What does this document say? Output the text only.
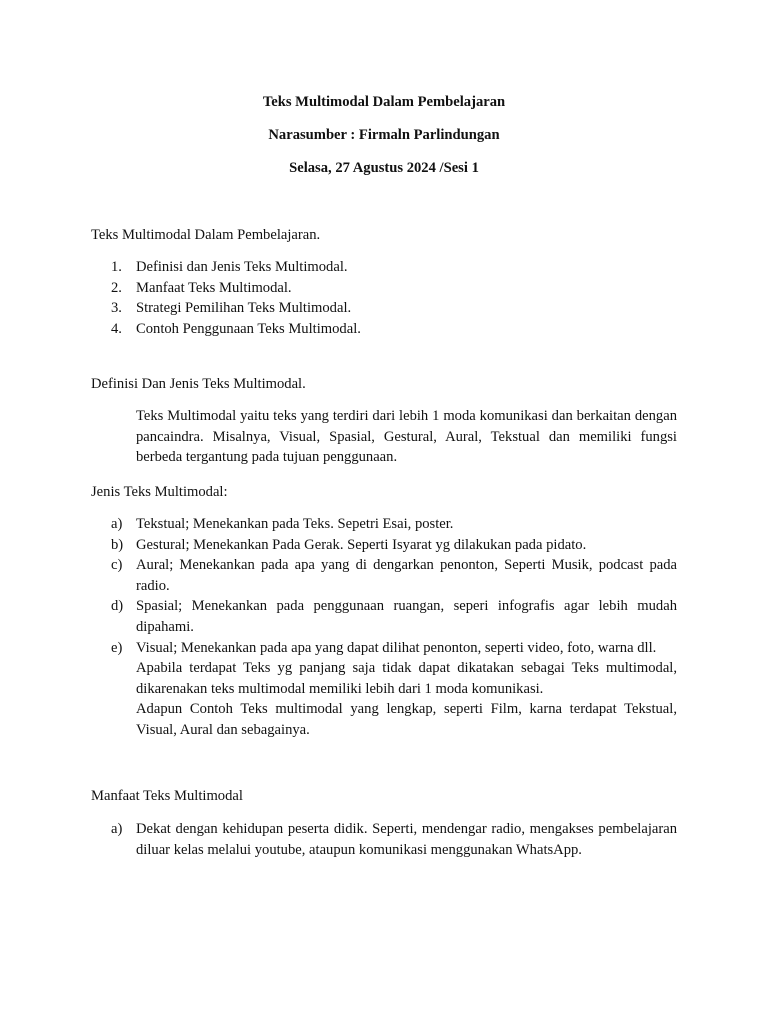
Teks Multimodal Dalam Pembelajaran
Narasumber : Firmaln Parlindungan
Selasa, 27 Agustus 2024 /Sesi 1
Teks Multimodal Dalam Pembelajaran.
1. Definisi dan Jenis Teks Multimodal.
2. Manfaat Teks Multimodal.
3. Strategi Pemilihan Teks Multimodal.
4. Contoh Penggunaan Teks Multimodal.
Definisi Dan Jenis Teks Multimodal.
Teks Multimodal yaitu teks yang terdiri dari lebih 1 moda komunikasi dan berkaitan dengan pancaindra. Misalnya, Visual, Spasial, Gestural, Aural, Tekstual dan memiliki fungsi berbeda tergantung pada tujuan penggunaan.
Jenis Teks Multimodal:
a) Tekstual; Menekankan pada Teks. Sepetri Esai, poster.
b) Gestural; Menekankan Pada Gerak. Seperti Isyarat yg dilakukan pada pidato.
c) Aural; Menekankan pada apa yang di dengarkan penonton, Seperti Musik, podcast pada radio.
d) Spasial; Menekankan pada penggunaan ruangan, seperi infografis agar lebih mudah dipahami.
e) Visual; Menekankan pada apa yang dapat dilihat penonton, seperti video, foto, warna dll.
Apabila terdapat Teks yg panjang saja tidak dapat dikatakan sebagai Teks multimodal, dikarenakan teks multimodal memiliki lebih dari 1 moda komunikasi.
Adapun Contoh Teks multimodal yang lengkap, seperti Film, karna terdapat Tekstual, Visual, Aural dan sebagainya.
Manfaat Teks Multimodal
a) Dekat dengan kehidupan peserta didik. Seperti, mendengar radio, mengakses pembelajaran diluar kelas melalui youtube, ataupun komunikasi menggunakan WhatsApp.
